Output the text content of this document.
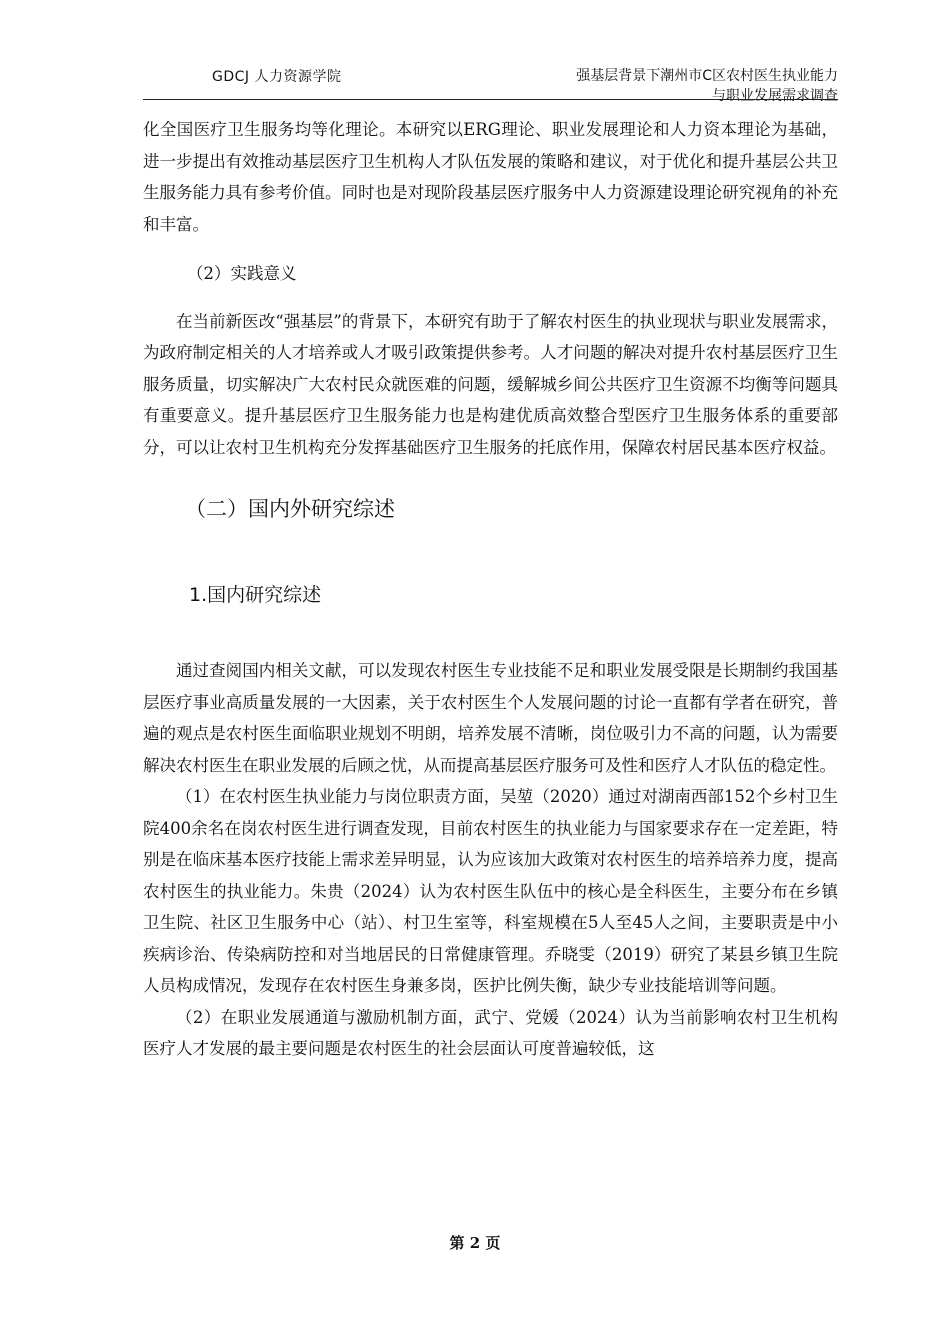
GDCJ 人力资源学院	强基层背景下潮州市C区农村医生执业能力
与职业发展需求调查

化全国医疗卫生服务均等化理论。本研究以ERG理论、职业发展理论和人力资本理论为基础，进一步提出有效推动基层医疗卫生机构人才队伍发展的策略和建议，对于优化和提升基层公共卫生服务能力具有参考价值。同时也是对现阶段基层医疗服务中人力资源建设理论研究视角的补充和丰富。

（2）实践意义

在当前新医改“强基层”的背景下，本研究有助于了解农村医生的执业现状与职业发展需求，为政府制定相关的人才培养或人才吸引政策提供参考。人才问题的解决对提升农村基层医疗卫生服务质量，切实解决广大农村民众就医难的问题，缓解城乡间公共医疗卫生资源不均衡等问题具有重要意义。提升基层医疗卫生服务能力也是构建优质高效整合型医疗卫生服务体系的重要部分，可以让农村卫生机构充分发挥基础医疗卫生服务的托底作用，保障农村居民基本医疗权益。

（二）国内外研究综述
1.国内研究综述

通过查阅国内相关文献，可以发现农村医生专业技能不足和职业发展受限是长期制约我国基层医疗事业高质量发展的一大因素，关于农村医生个人发展问题的讨论一直都有学者在研究，普遍的观点是农村医生面临职业规划不明朗，培养发展不清晰，岗位吸引力不高的问题，认为需要解决农村医生在职业发展的后顾之忧，从而提高基层医疗服务可及性和医疗人才队伍的稳定性。

（1）在农村医生执业能力与岗位职责方面，吴堃（2020）通过对湖南西部152个乡村卫生院400余名在岗农村医生进行调查发现，目前农村医生的执业能力与国家要求存在一定差距，特别是在临床基本医疗技能上需求差异明显，认为应该加大政策对农村医生的培养培养力度，提高农村医生的执业能力。朱贵（2024）认为农村医生队伍中的核心是全科医生，主要分布在乡镇卫生院、社区卫生服务中心（站）、村卫生室等，科室规模在5人至45人之间，主要职责是中小疾病诊治、传染病防控和对当地居民的日常健康管理。乔晓雯（2019）研究了某县乡镇卫生院人员构成情况，发现存在农村医生身兼多岗，医护比例失衡，缺少专业技能培训等问题。

（2）在职业发展通道与激励机制方面，武宁、党媛（2024）认为当前影响农村卫生机构医疗人才发展的最主要问题是农村医生的社会层面认可度普遍较低，这

第 2 页
